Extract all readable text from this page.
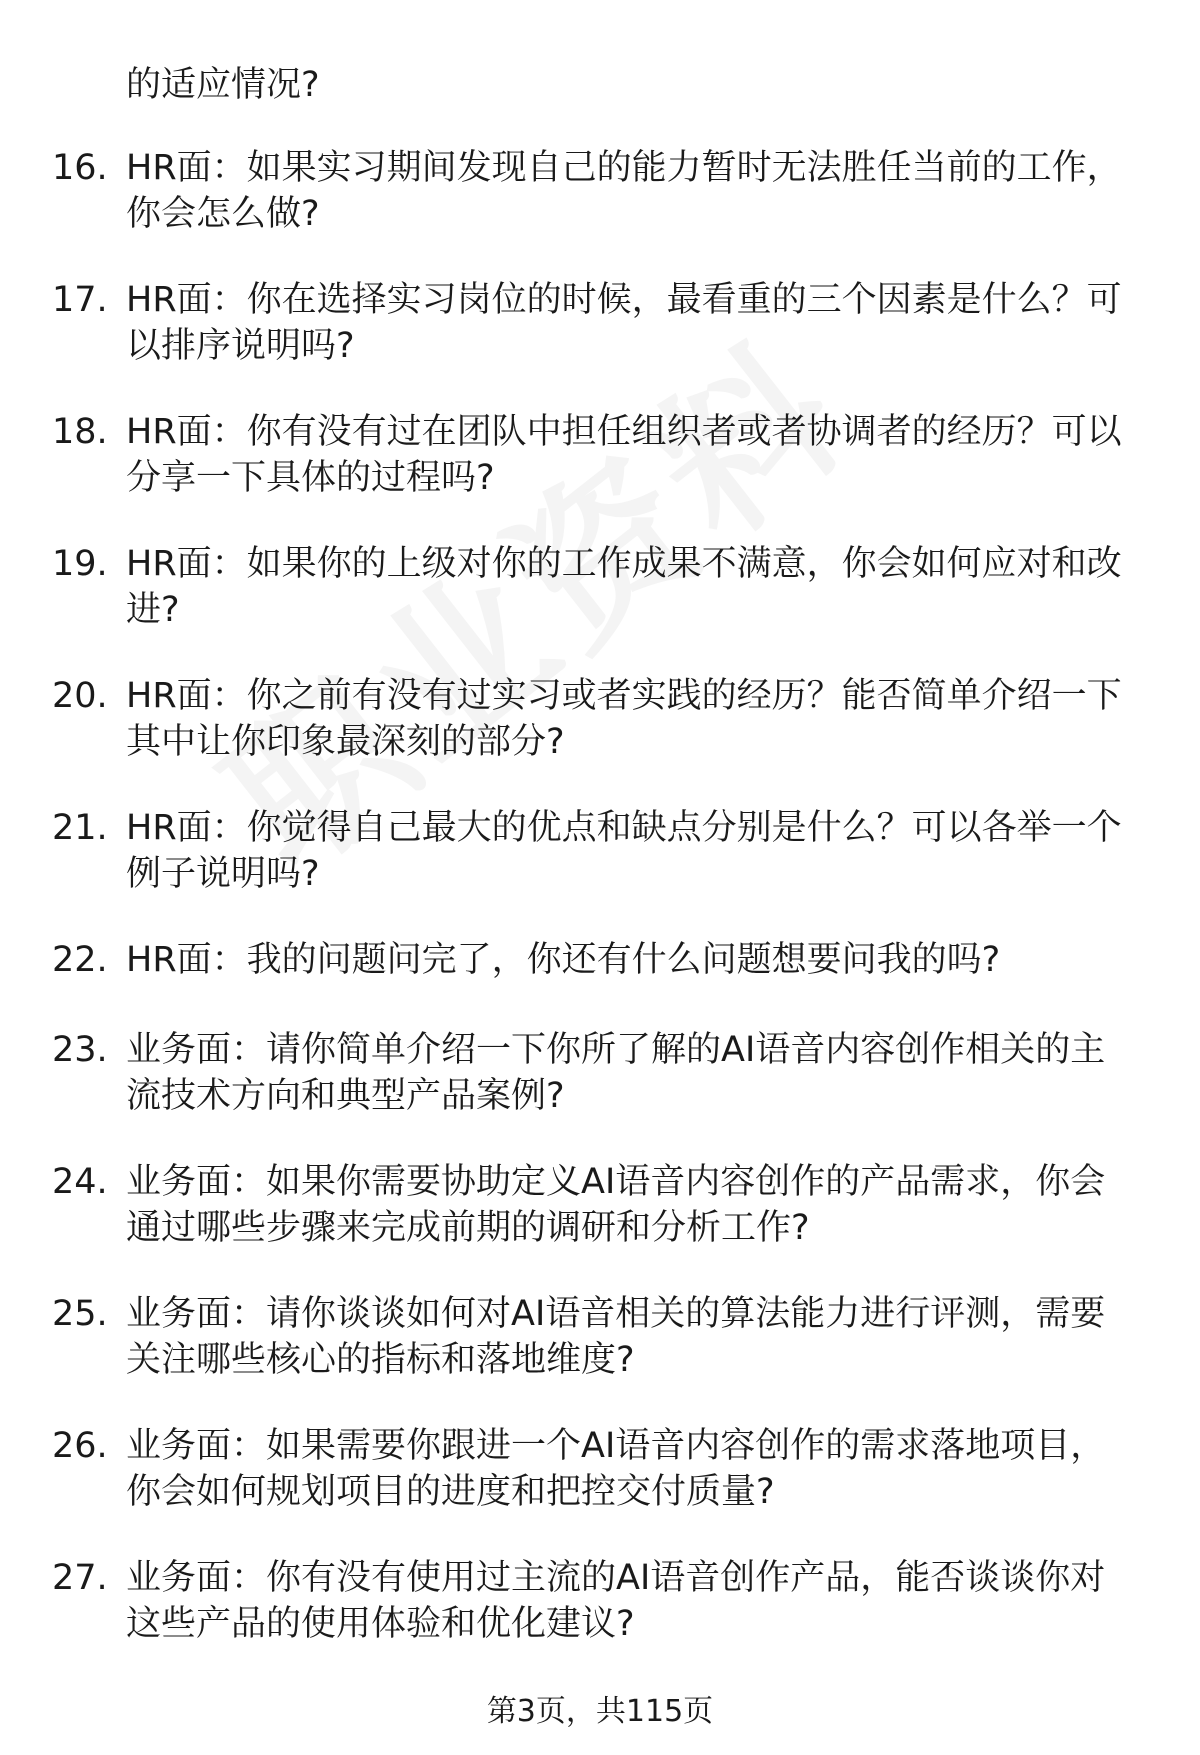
的适应情况?

16. HR面：如果实习期间发现自己的能力暂时无法胜任当前的工作，
你会怎么做?

17. HR面：你在选择实习岗位的时候，最看重的三个因素是什么？可
以排序说明吗?

18. HR面：你有没有过在团队中担任组织者或者协调者的经历？可以
分享一下具体的过程吗?

19. HR面：如果你的上级对你的工作成果不满意，你会如何应对和改
进?

20. HR面：你之前有没有过实习或者实践的经历？能否简单介绍一下
其中让你印象最深刻的部分?

21. HR面：你觉得自己最大的优点和缺点分别是什么？可以各举一个
例子说明吗?

22. HR面：我的问题问完了，你还有什么问题想要问我的吗?

23. 业务面：请你简单介绍一下你所了解的AI语音内容创作相关的主
流技术方向和典型产品案例?

24. 业务面：如果你需要协助定义AI语音内容创作的产品需求，你会
通过哪些步骤来完成前期的调研和分析工作?

25. 业务面：请你谈谈如何对AI语音相关的算法能力进行评测，需要
关注哪些核心的指标和落地维度?

26. 业务面：如果需要你跟进一个AI语音内容创作的需求落地项目，
你会如何规划项目的进度和把控交付质量?

27. 业务面：你有没有使用过主流的AI语音创作产品，能否谈谈你对
这些产品的使用体验和优化建议?

第3页，共115页
